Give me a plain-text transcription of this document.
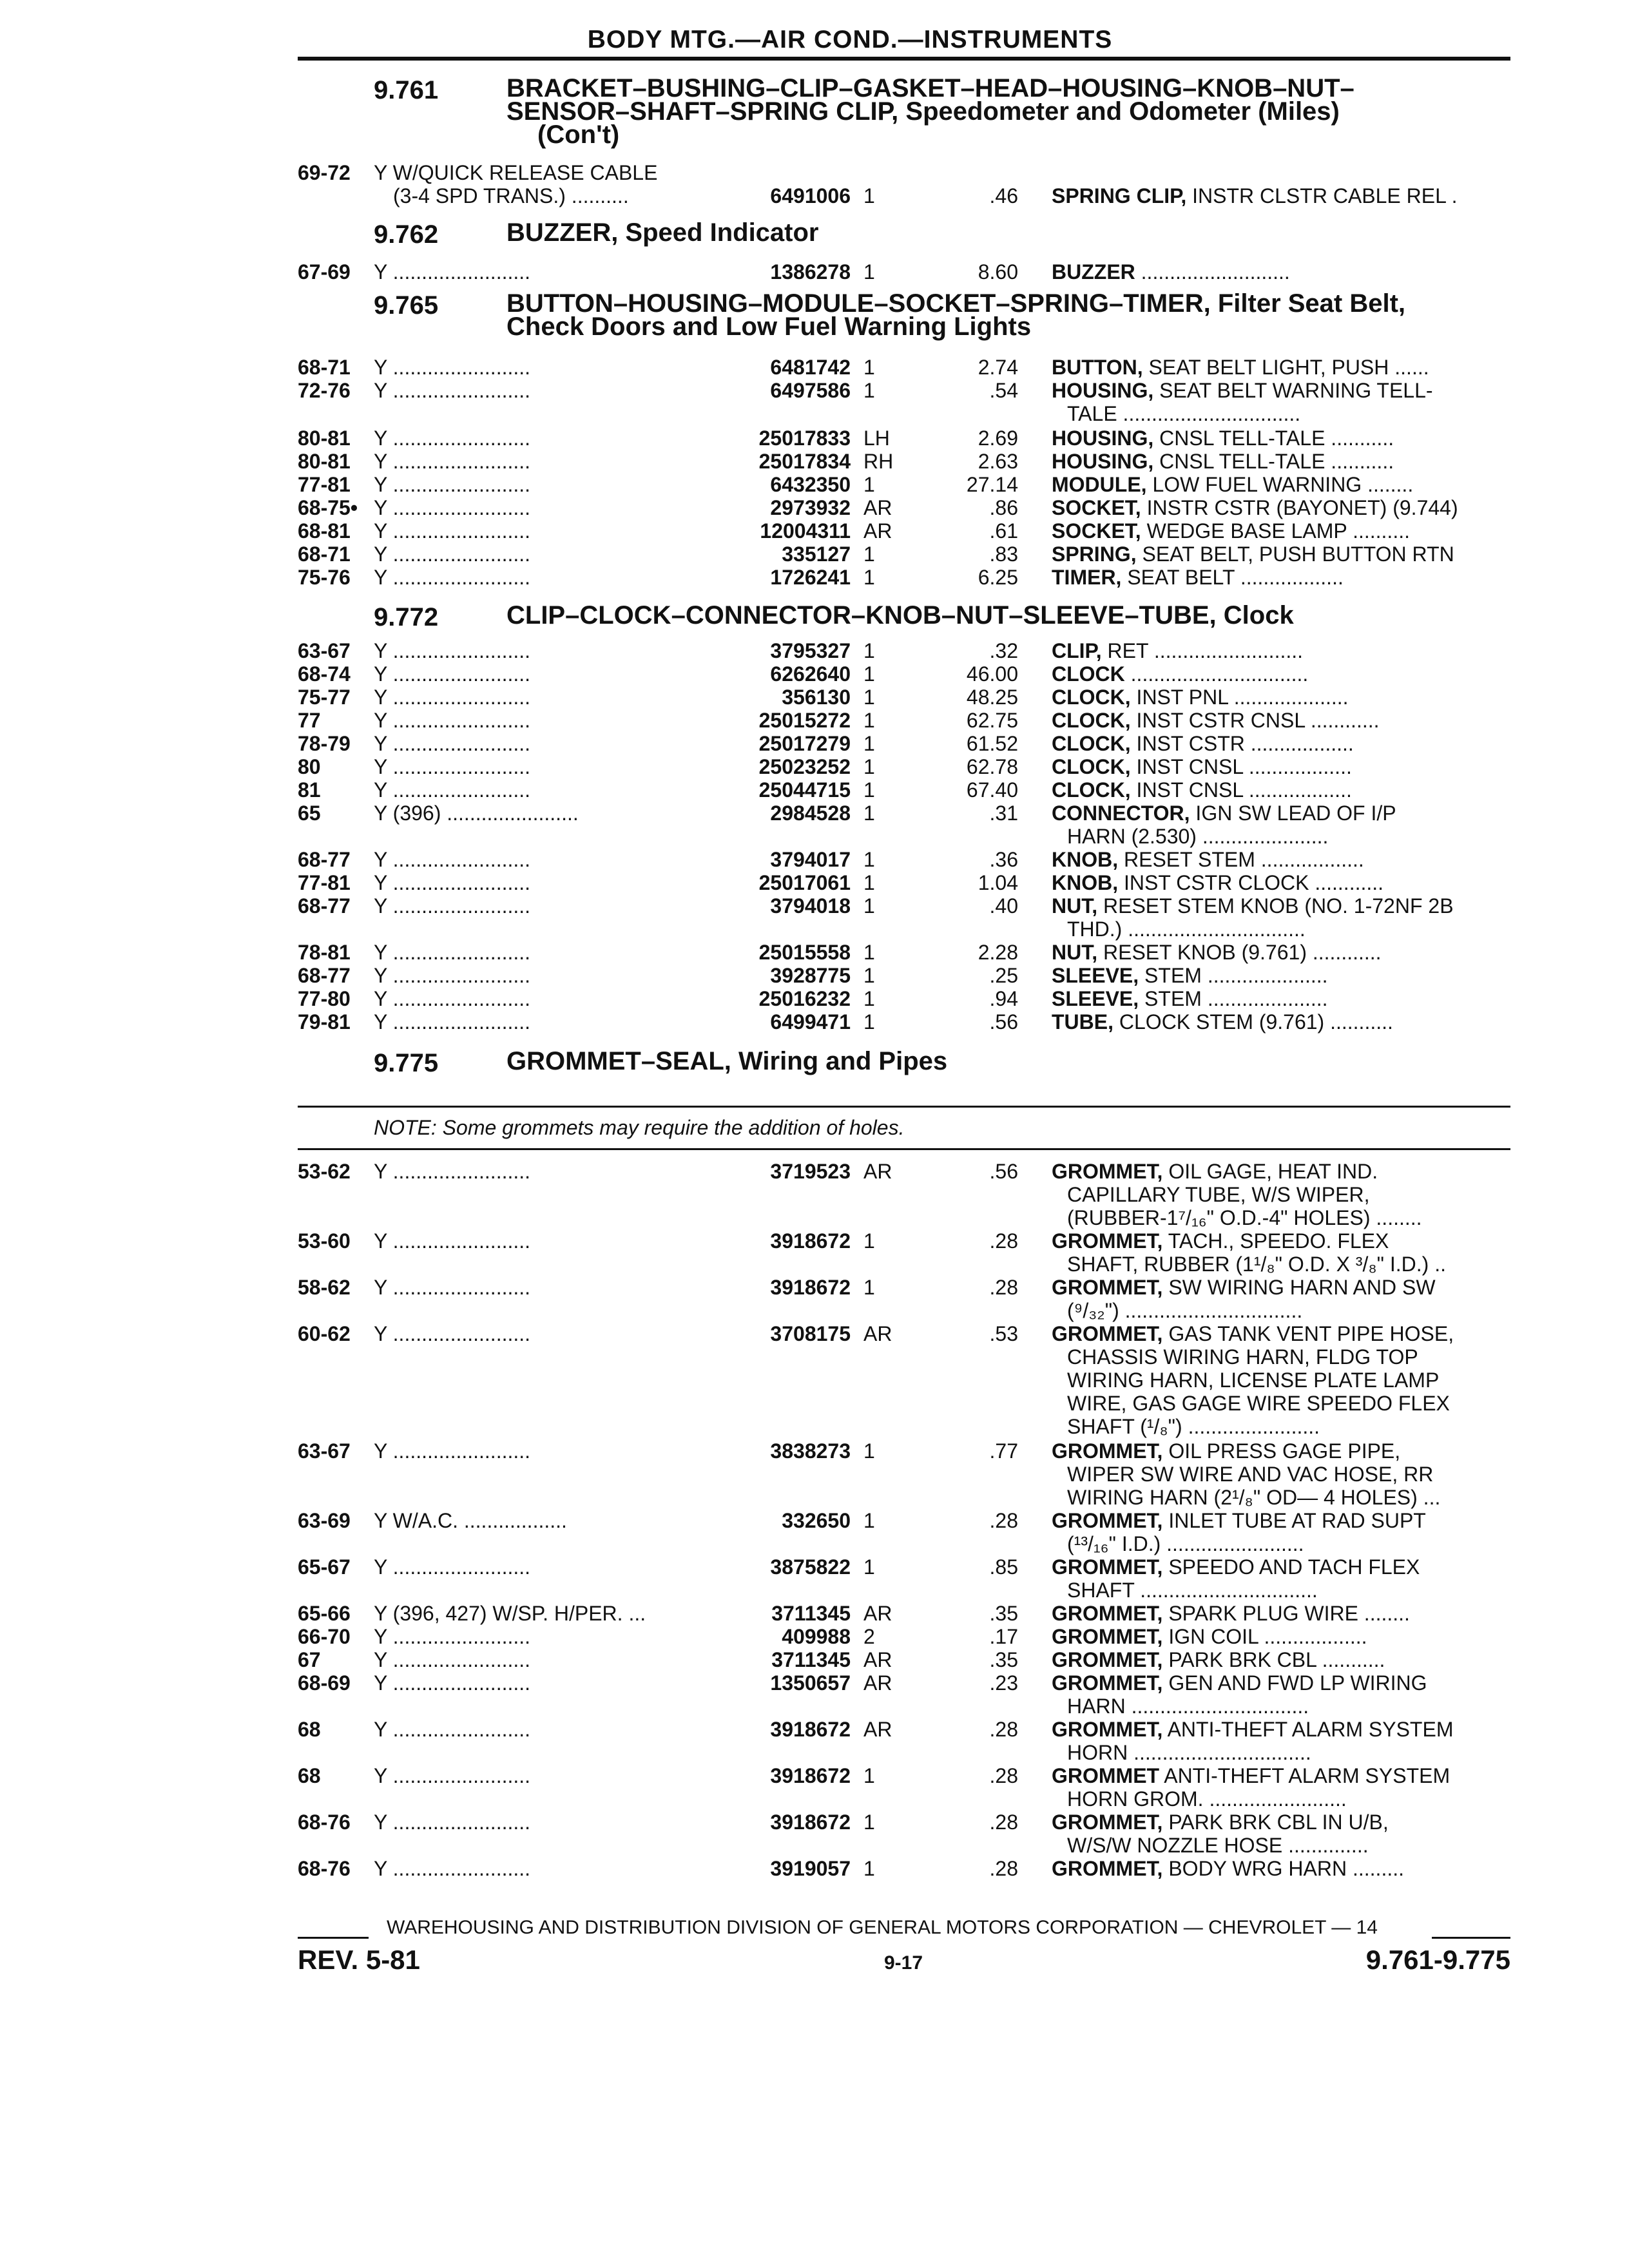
BODY MTG.—AIR COND.—INSTRUMENTS
9.761	BRACKET–BUSHING–CLIP–GASKET–HEAD–HOUSING–KNOB–NUT–
SENSOR–SHAFT–SPRING CLIP, Speedometer and Odometer (Miles)
(Con't)
9.762	BUZZER, Speed Indicator
9.765	BUTTON–HOUSING–MODULE–SOCKET–SPRING–TIMER, Filter Seat Belt,
Check Doors and Low Fuel Warning Lights
9.772	CLIP–CLOCK–CONNECTOR–KNOB–NUT–SLEEVE–TUBE, Clock
9.775	GROMMET–SEAL, Wiring and Pipes
69-72 Y W/QUICK RELEASE CABLE
(3-4 SPD TRANS.) ..........	6491006 1	.46 SPRING CLIP, INSTR CLSTR CABLE REL .
67-69 Y ........................	1386278 1	8.60 BUZZER ..........................
68-71 Y ........................	6481742 1	2.74 BUTTON, SEAT BELT LIGHT, PUSH ......
72-76 Y ........................	6497586 1	.54 HOUSING, SEAT BELT WARNING TELL-
TALE ...............................
80-81 Y ........................	25017833 LH	2.69 HOUSING, CNSL TELL-TALE ...........
80-81 Y ........................	25017834 RH	2.63 HOUSING, CNSL TELL-TALE ...........
77-81 Y ........................	6432350 1	27.14 MODULE, LOW FUEL WARNING ........
68-75• Y ........................	2973932 AR	.86 SOCKET, INSTR CSTR (BAYONET) (9.744)
68-81 Y ........................	12004311 AR	.61 SOCKET, WEDGE BASE LAMP ..........
68-71 Y ........................	335127 1	.83 SPRING, SEAT BELT, PUSH BUTTON RTN
75-76 Y ........................	1726241 1	6.25 TIMER, SEAT BELT ..................
63-67 Y ........................	3795327 1	.32 CLIP, RET ..........................
68-74 Y ........................	6262640 1	46.00 CLOCK ...............................
75-77 Y ........................	356130 1	48.25 CLOCK, INST PNL ....................
77	Y ........................	25015272 1	62.75 CLOCK, INST CSTR CNSL ............
78-79 Y ........................	25017279 1	61.52 CLOCK, INST CSTR ..................
80	Y ........................	25023252 1	62.78 CLOCK, INST CNSL ..................
81	Y ........................	25044715 1	67.40 CLOCK, INST CNSL ..................
65	Y (396) .......................	2984528 1	.31 CONNECTOR, IGN SW LEAD OF I/P
HARN (2.530) ......................
68-77 Y ........................	3794017 1	.36 KNOB, RESET STEM ..................
77-81 Y ........................	25017061 1	1.04 KNOB, INST CSTR CLOCK ............
68-77 Y ........................	3794018 1	.40 NUT, RESET STEM KNOB (NO. 1-72NF 2B
THD.) ...............................
78-81 Y ........................	25015558 1	2.28 NUT, RESET KNOB (9.761) ............
68-77 Y ........................	3928775 1	.25 SLEEVE, STEM .....................
77-80 Y ........................	25016232 1	.94 SLEEVE, STEM .....................
79-81 Y ........................	6499471 1	.56 TUBE, CLOCK STEM (9.761) ...........
53-62 Y ........................	3719523 AR	.56 GROMMET, OIL GAGE, HEAT IND.
CAPILLARY TUBE, W/S WIPER,
(RUBBER-1⁷/₁₆" O.D.-4" HOLES) ........
53-60 Y ........................	3918672 1	.28 GROMMET, TACH., SPEEDO. FLEX
SHAFT, RUBBER (1¹/₈" O.D. X ³/₈" I.D.) ..
58-62 Y ........................	3918672 1	.28 GROMMET, SW WIRING HARN AND SW
(⁹/₃₂") ...............................
60-62 Y ........................	3708175 AR	.53 GROMMET, GAS TANK VENT PIPE HOSE,
CHASSIS WIRING HARN, FLDG TOP
WIRING HARN, LICENSE PLATE LAMP
WIRE, GAS GAGE WIRE SPEEDO FLEX
SHAFT (¹/₈") .......................
63-67 Y ........................	3838273 1	.77 GROMMET, OIL PRESS GAGE PIPE,
WIPER SW WIRE AND VAC HOSE, RR
WIRING HARN (2¹/₈" OD— 4 HOLES) ...
63-69 Y W/A.C. ..................	332650 1	.28 GROMMET, INLET TUBE AT RAD SUPT
(¹³/₁₆" I.D.) ........................
65-67 Y ........................	3875822 1	.85 GROMMET, SPEEDO AND TACH FLEX
SHAFT ...............................
65-66 Y (396, 427) W/SP. H/PER. ...	3711345 AR	.35 GROMMET, SPARK PLUG WIRE ........
66-70 Y ........................	409988 2	.17 GROMMET, IGN COIL ..................
67	Y ........................	3711345 AR	.35 GROMMET, PARK BRK CBL ...........
68-69 Y ........................	1350657 AR	.23 GROMMET, GEN AND FWD LP WIRING
HARN ...............................
68	Y ........................	3918672 AR	.28 GROMMET, ANTI-THEFT ALARM SYSTEM
HORN ...............................
68	Y ........................	3918672 1	.28 GROMMET ANTI-THEFT ALARM SYSTEM
HORN GROM. ........................
68-76 Y ........................	3918672 1	.28 GROMMET, PARK BRK CBL IN U/B,
W/S/W NOZZLE HOSE ..............
68-76 Y ........................	3919057 1	.28 GROMMET, BODY WRG HARN .........
NOTE: Some grommets may require the addition of holes.
WAREHOUSING AND DISTRIBUTION DIVISION OF GENERAL MOTORS CORPORATION — CHEVROLET — 14
REV. 5-81	9-17	9.761-9.775
